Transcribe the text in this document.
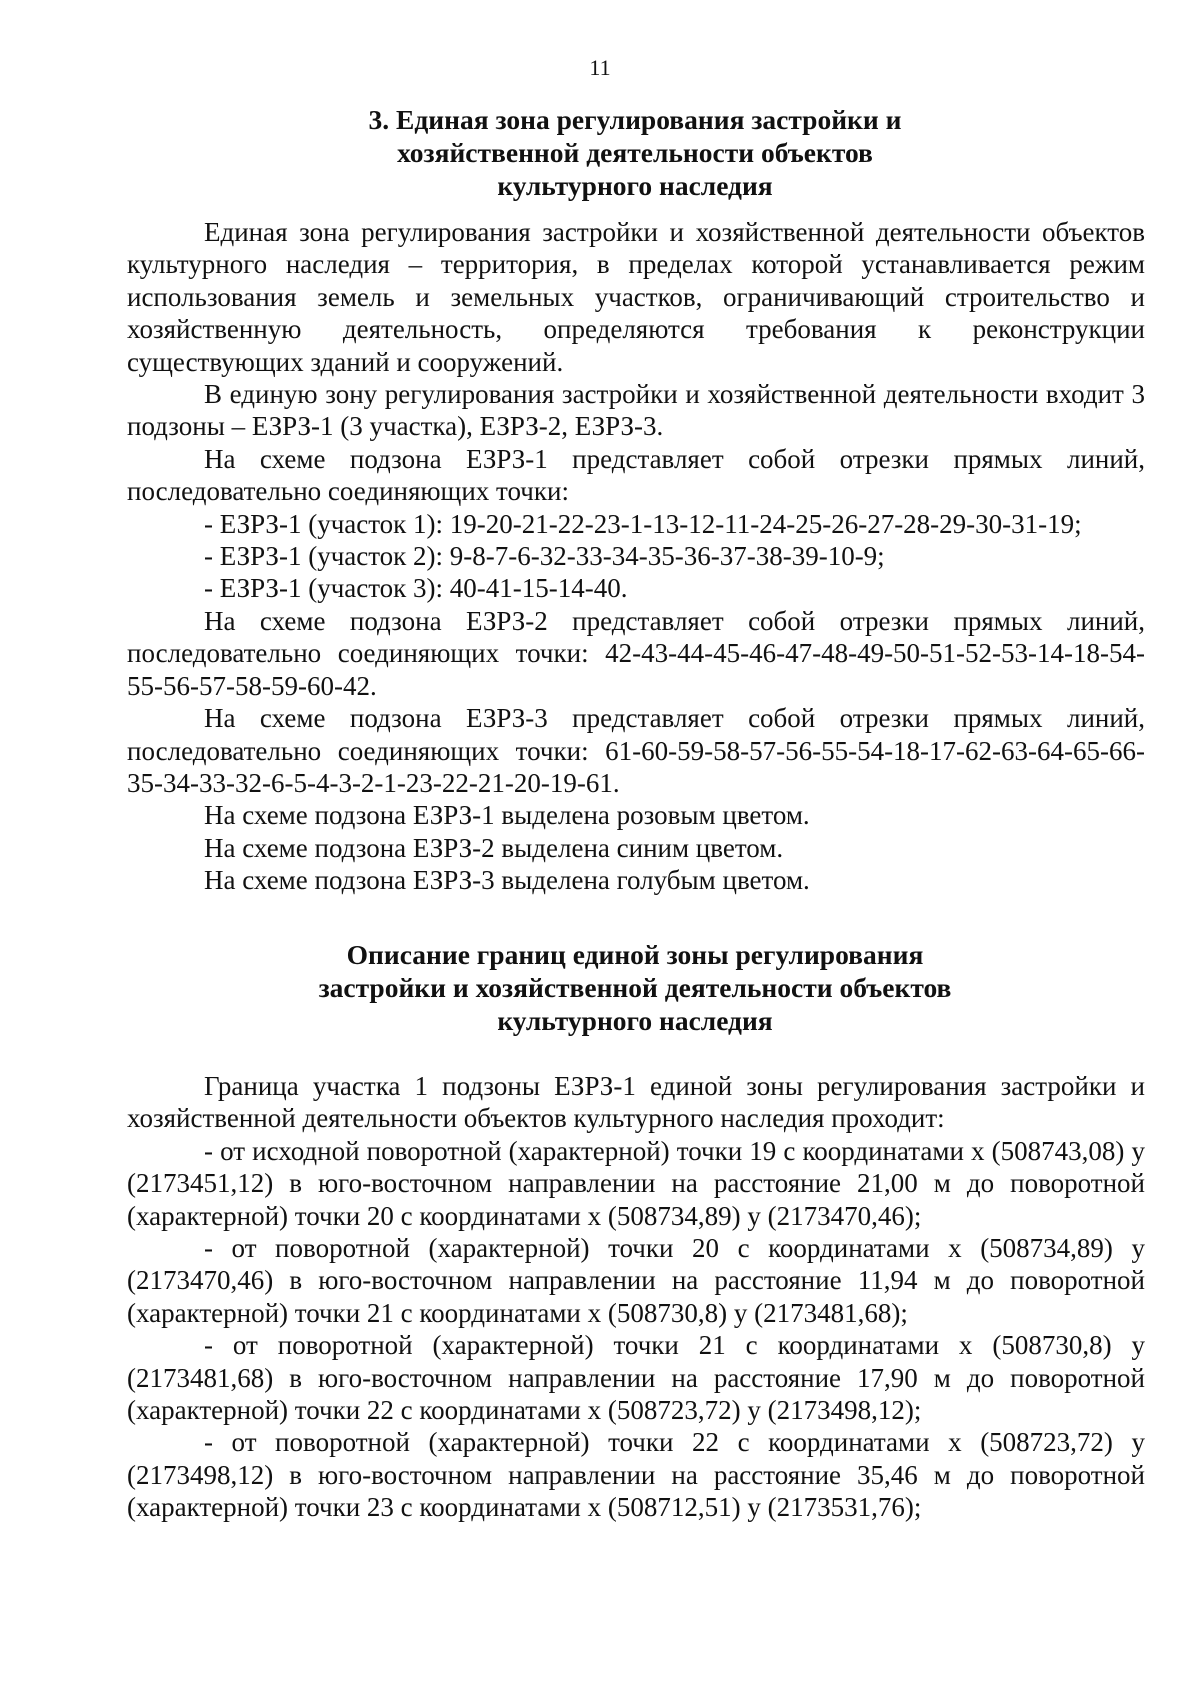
11
3. Единая зона регулирования застройки и
хозяйственной деятельности объектов
культурного наследия

Единая зона регулирования застройки и хозяйственной деятельности объектов культурного наследия – территория, в пределах которой устанавливается режим использования земель и земельных участков, ограничивающий строительство и хозяйственную деятельность, определяются требования к реконструкции существующих зданий и сооружений.

В единую зону регулирования застройки и хозяйственной деятельности входит 3 подзоны – ЕЗРЗ-1 (3 участка), ЕЗРЗ-2, ЕЗРЗ-3.

На схеме подзона ЕЗРЗ-1 представляет собой отрезки прямых линий, последовательно соединяющих точки:

- ЕЗРЗ-1 (участок 1): 19-20-21-22-23-1-13-12-11-24-25-26-27-28-29-30-31-19;

- ЕЗРЗ-1 (участок 2): 9-8-7-6-32-33-34-35-36-37-38-39-10-9;

- ЕЗРЗ-1 (участок 3): 40-41-15-14-40.

На схеме подзона ЕЗРЗ-2 представляет собой отрезки прямых линий, последовательно соединяющих точки: 42-43-44-45-46-47-48-49-50-51-52-53-14-18-54-55-56-57-58-59-60-42.

На схеме подзона ЕЗРЗ-3 представляет собой отрезки прямых линий, последовательно соединяющих точки: 61-60-59-58-57-56-55-54-18-17-62-63-64-65-66-35-34-33-32-6-5-4-3-2-1-23-22-21-20-19-61.

На схеме подзона ЕЗРЗ-1 выделена розовым цветом.

На схеме подзона ЕЗРЗ-2 выделена синим цветом.

На схеме подзона ЕЗРЗ-3 выделена голубым цветом.

Описание границ единой зоны регулирования
застройки и хозяйственной деятельности объектов
культурного наследия

Граница участка 1 подзоны ЕЗРЗ-1 единой зоны регулирования застройки и хозяйственной деятельности объектов культурного наследия проходит:

- от исходной поворотной (характерной) точки 19 с координатами х (508743,08) у (2173451,12) в юго-восточном направлении на расстояние 21,00 м до поворотной (характерной) точки 20 с координатами х (508734,89) у (2173470,46);

- от поворотной (характерной) точки 20 с координатами х (508734,89) у (2173470,46) в юго-восточном направлении на расстояние 11,94 м до поворотной (характерной) точки 21 с координатами х (508730,8) у (2173481,68);

- от поворотной (характерной) точки 21 с координатами х (508730,8) у (2173481,68) в юго-восточном направлении на расстояние 17,90 м до поворотной (характерной) точки 22 с координатами х (508723,72) у (2173498,12);

- от поворотной (характерной) точки 22 с координатами х (508723,72) у (2173498,12) в юго-восточном направлении на расстояние 35,46 м до поворотной (характерной) точки 23 с координатами х (508712,51) у (2173531,76);
